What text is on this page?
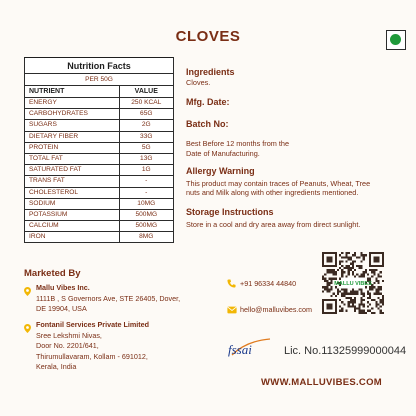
CLOVES
Nutrition Facts	
PER 50G	
NUTRIENT	VALUE
ENERGY	250 KCAL
CARBOHYDRATES	65G
SUGARS	2G
DIETARY FIBER	33G
PROTEIN	5G
TOTAL FAT	13G
SATURATED FAT	1G
TRANS FAT	-
CHOLESTEROL	-
SODIUM	10MG
POTASSIUM	500MG
CALCIUM	500MG
IRON	8MG
Ingredients
Cloves.
Mfg. Date:
Batch No:
Best Before 12 months from the
Date of Manufacturing.
Allergy Warning
This product may contain traces of Peanuts, Wheat, Tree
nuts and Milk along with other ingredients mentioned.
Storage Instructions
Store in a cool and dry area away from direct sunlight.
Marketed By
Mallu Vibes Inc.
1111B , S Governors Ave, STE 26405, Dover,
DE 19904, USA
Fontanil Services Private Limited
Sree Lekshmi Nivas,
Door No. 2201/641,
Thirumullavaram, Kollam - 691012,
Kerala, India
+91 96334 44840
hello@malluvibes.com
MALLU VIBES
fssai	Lic. No.11325999000044
WWW.MALLUVIBES.COM
